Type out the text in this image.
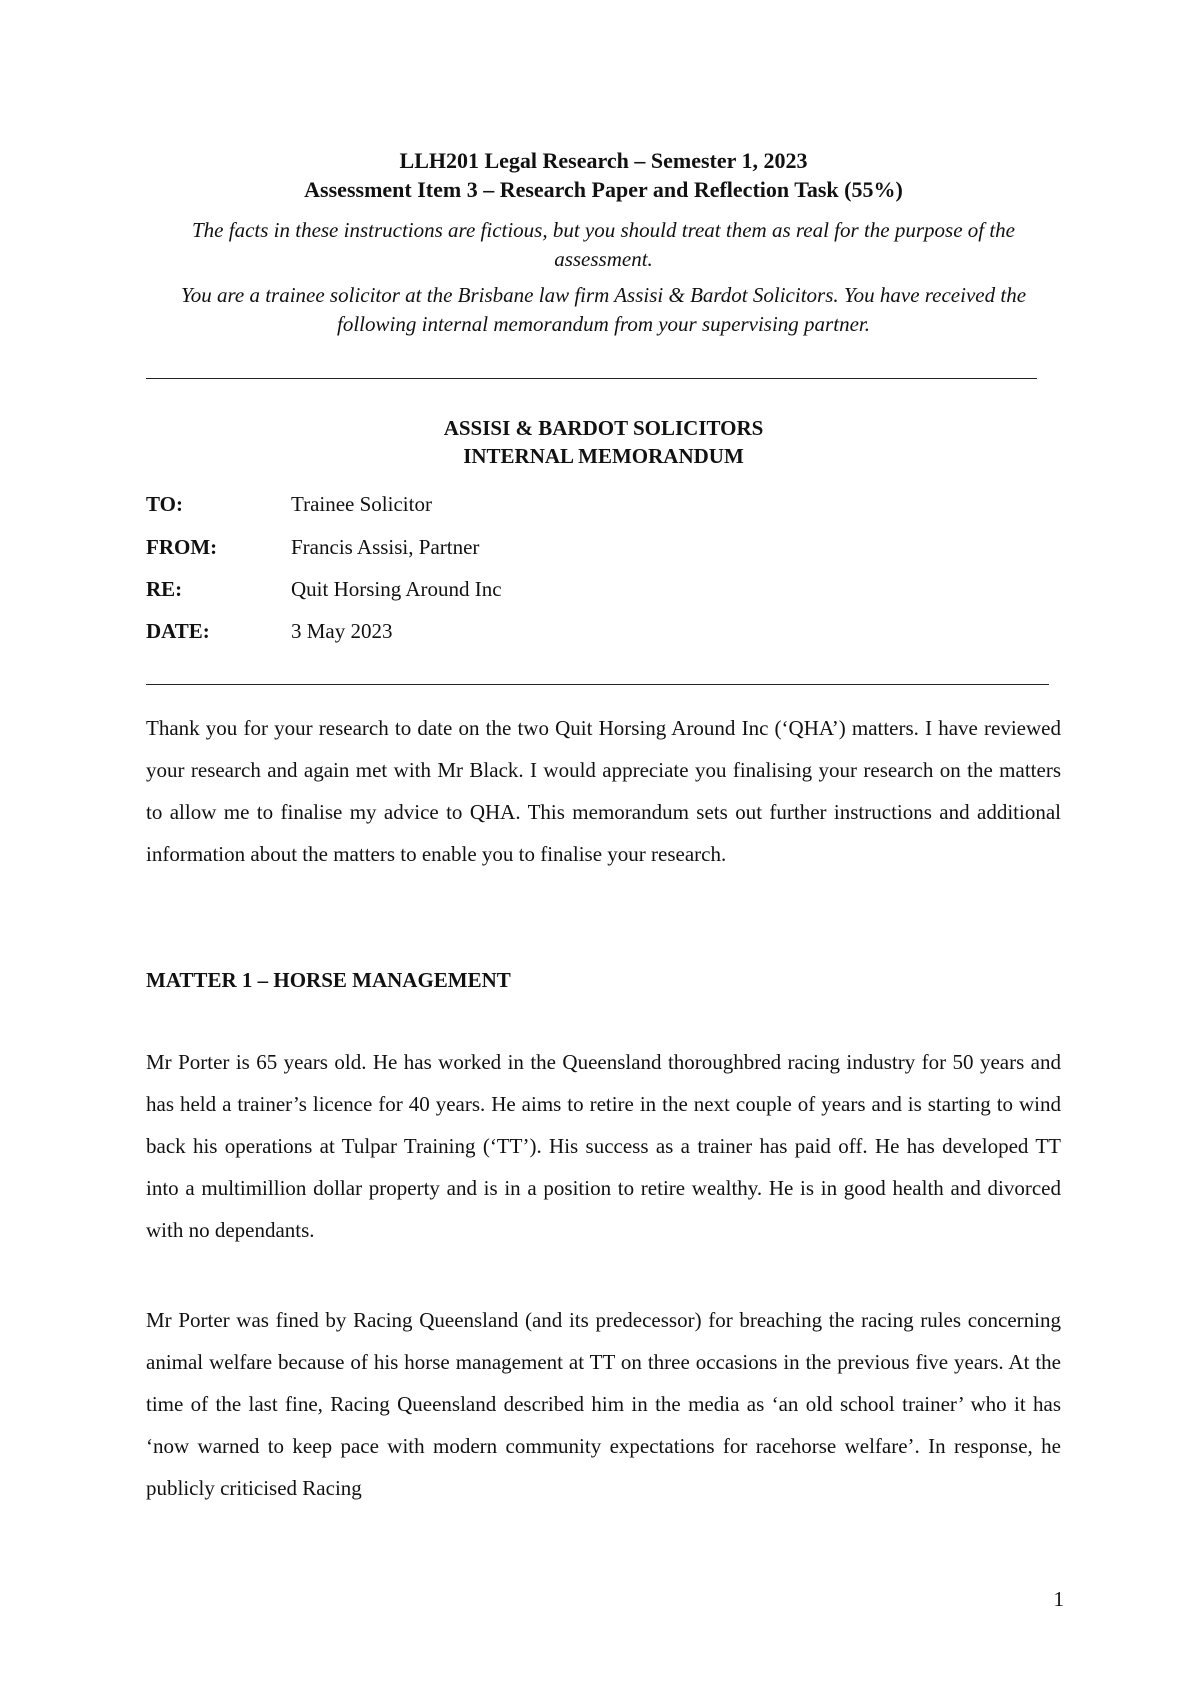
LLH201 Legal Research – Semester 1, 2023
Assessment Item 3 – Research Paper and Reflection Task (55%)
The facts in these instructions are fictious, but you should treat them as real for the purpose of the assessment.
You are a trainee solicitor at the Brisbane law firm Assisi & Bardot Solicitors. You have received the following internal memorandum from your supervising partner.
ASSISI & BARDOT SOLICITORS
INTERNAL MEMORANDUM
TO:	Trainee Solicitor
FROM:	Francis Assisi, Partner
RE:	Quit Horsing Around Inc
DATE:	3 May 2023
Thank you for your research to date on the two Quit Horsing Around Inc (‘QHA’) matters. I have reviewed your research and again met with Mr Black. I would appreciate you finalising your research on the matters to allow me to finalise my advice to QHA. This memorandum sets out further instructions and additional information about the matters to enable you to finalise your research.
MATTER 1 – HORSE MANAGEMENT
Mr Porter is 65 years old. He has worked in the Queensland thoroughbred racing industry for 50 years and has held a trainer’s licence for 40 years. He aims to retire in the next couple of years and is starting to wind back his operations at Tulpar Training (‘TT’). His success as a trainer has paid off. He has developed TT into a multimillion dollar property and is in a position to retire wealthy. He is in good health and divorced with no dependants.
Mr Porter was fined by Racing Queensland (and its predecessor) for breaching the racing rules concerning animal welfare because of his horse management at TT on three occasions in the previous five years. At the time of the last fine, Racing Queensland described him in the media as ‘an old school trainer’ who it has ‘now warned to keep pace with modern community expectations for racehorse welfare’. In response, he publicly criticised Racing
1
